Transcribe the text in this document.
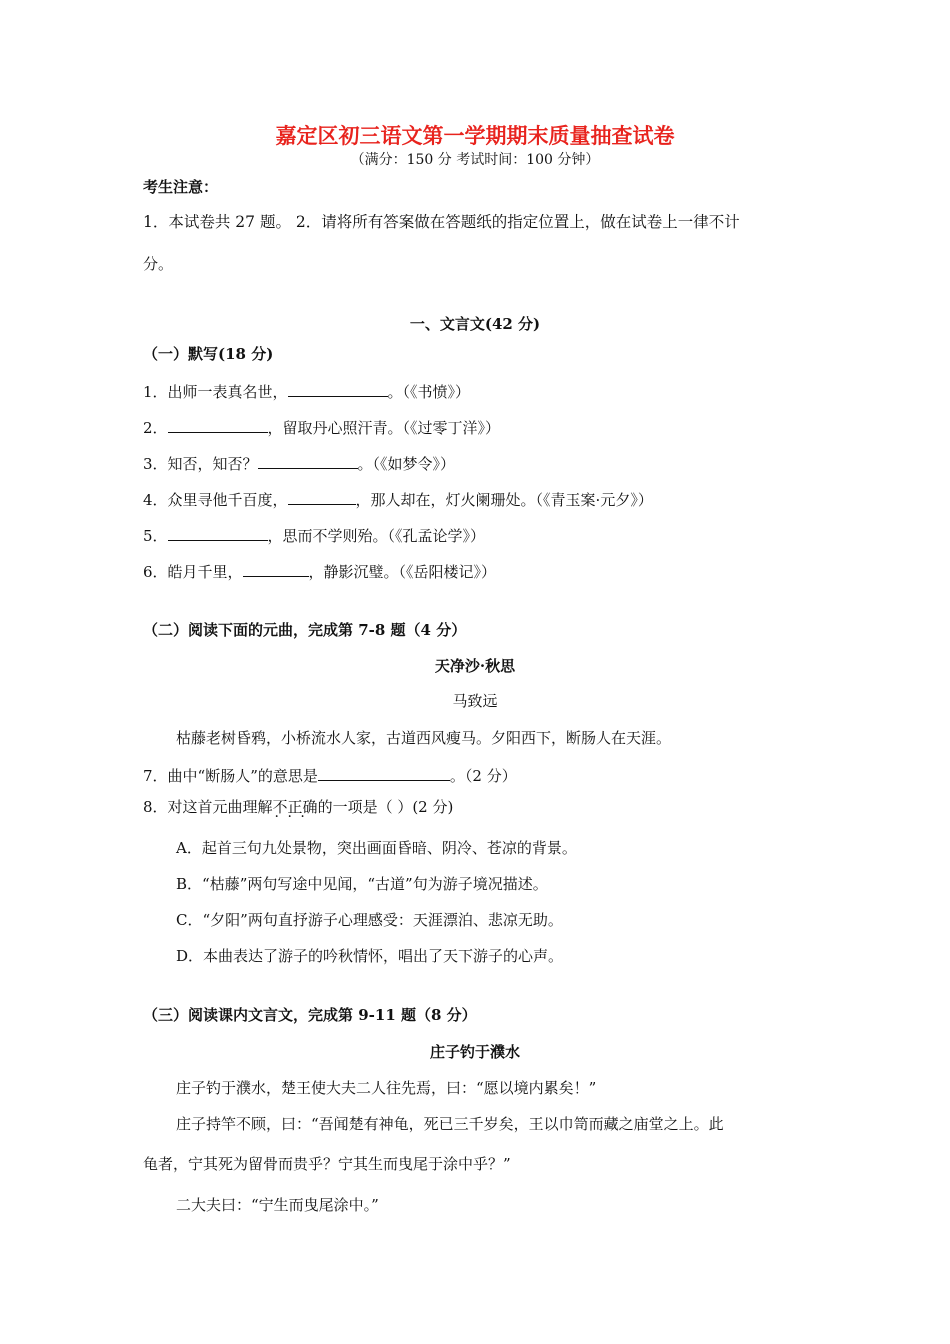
嘉定区初三语文第一学期期末质量抽查试卷
（满分：150 分 考试时间：100 分钟）
考生注意：
1．本试卷共 27 题。 2．请将所有答案做在答题纸的指定位置上，做在试卷上一律不计
分。
一、文言文(42 分)
（一）默写(18 分)
1．出师一表真名世，	。（《书愤》）
2．	，留取丹心照汗青。（《过零丁洋》）
3．知否，知否？	。（《如梦令》）
4．众里寻他千百度，	，那人却在，灯火阑珊处。（《青玉案·元夕》）
5．	，思而不学则殆。（《孔孟论学》）
6．皓月千里，	，静影沉璧。（《岳阳楼记》）
（二）阅读下面的元曲，完成第 7-8 题（4 分）
天净沙·秋思
马致远
枯藤老树昏鸦，小桥流水人家，古道西风瘦马。夕阳西下，断肠人在天涯。
7．曲中“断肠人”的意思是	。（2 分）
8．对这首元曲理解不正确 · · ·的一项是（ ）(2 分)
A．起首三句九处景物，突出画面昏暗、阴冷、苍凉的背景。
B．“枯藤”两句写途中见闻，“古道”句为游子境况描述。
C．“夕阳”两句直抒游子心理感受：天涯漂泊、悲凉无助。
D．本曲表达了游子的吟秋情怀，唱出了天下游子的心声。
（三）阅读课内文言文，完成第 9-11 题（8 分）
庄子钓于濮水
庄子钓于濮水，楚王使大夫二人往先焉，曰：“愿以境内累矣！”
庄子持竿不顾，曰：“吾闻楚有神龟，死已三千岁矣，王以巾笥而藏之庙堂之上。此
龟者，宁其死为留骨而贵乎？宁其生而曳尾于涂中乎？”
二大夫曰：“宁生而曳尾涂中。”
